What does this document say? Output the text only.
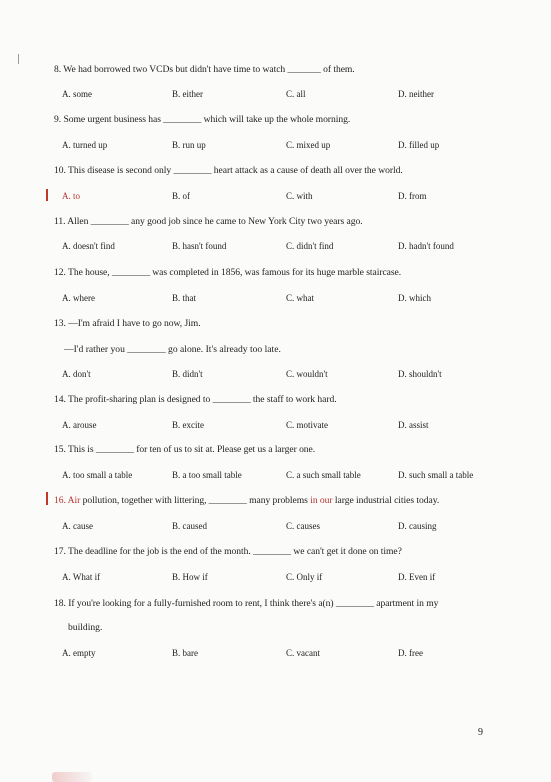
8. We had borrowed two VCDs but didn't have time to watch _______ of them.
A. some	B. either	C. all	D. neither
9. Some urgent business has ________ which will take up the whole morning.
A. turned up	B. run up	C. mixed up	D. filled up
10. This disease is second only ________ heart attack as a cause of death all over the world.
A. to	B. of	C. with	D. from
11. Allen ________ any good job since he came to New York City two years ago.
A. doesn't find	B. hasn't found	C. didn't find	D. hadn't found
12. The house, ________ was completed in 1856, was famous for its huge marble staircase.
A. where	B. that	C. what	D. which
13. —I'm afraid I have to go now, Jim.
—I'd rather you ________ go alone. It's already too late.
A. don't	B. didn't	C. wouldn't	D. shouldn't
14. The profit-sharing plan is designed to ________ the staff to work hard.
A. arouse	B. excite	C. motivate	D. assist
15. This is ________ for ten of us to sit at. Please get us a larger one.
A. too small a table	B. a too small table	C. a such small table	D. such small a table
16. Air pollution, together with littering, ________ many problems in our large industrial cities today.
A. cause	B. caused	C. causes	D. causing
17. The deadline for the job is the end of the month. ________ we can't get it done on time?
A. What if	B. How if	C. Only if	D. Even if
18. If you're looking for a fully-furnished room to rent, I think there's a(n) ________ apartment in my
building.
A. empty	B. bare	C. vacant	D. free
9
